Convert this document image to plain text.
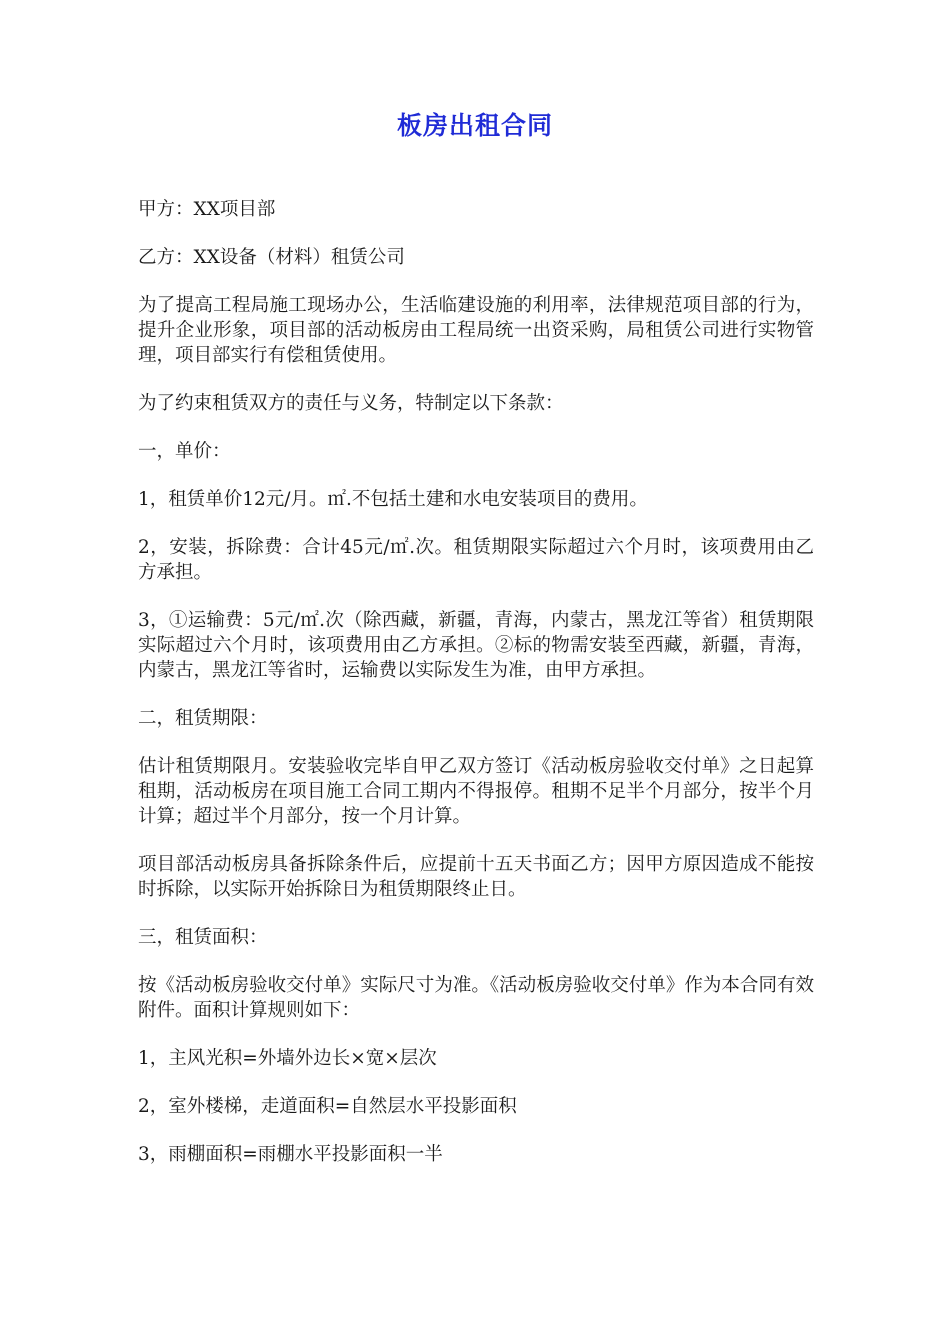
板房出租合同

甲方：XX项目部

乙方：XX设备（材料）租赁公司

为了提高工程局施工现场办公，生活临建设施的利用率，法律规范项目部的行为，提升企业形象，项目部的活动板房由工程局统一出资采购，局租赁公司进行实物管理，项目部实行有偿租赁使用。

为了约束租赁双方的责任与义务，特制定以下条款：

一，单价：

1，租赁单价12元/月。㎡.不包括土建和水电安装项目的费用。

2，安装，拆除费：合计45元/㎡.次。租赁期限实际超过六个月时，该项费用由乙方承担。

3，①运输费：5元/㎡.次（除西藏，新疆，青海，内蒙古，黑龙江等省）租赁期限实际超过六个月时，该项费用由乙方承担。②标的物需安装至西藏，新疆，青海，内蒙古，黑龙江等省时，运输费以实际发生为准，由甲方承担。

二，租赁期限：

估计租赁期限月。安装验收完毕自甲乙双方签订《活动板房验收交付单》之日起算租期，活动板房在项目施工合同工期内不得报停。租期不足半个月部分，按半个月计算；超过半个月部分，按一个月计算。

项目部活动板房具备拆除条件后，应提前十五天书面乙方；因甲方原因造成不能按时拆除，以实际开始拆除日为租赁期限终止日。

三，租赁面积：

按《活动板房验收交付单》实际尺寸为准。《活动板房验收交付单》作为本合同有效附件。面积计算规则如下：

1，主风光积=外墙外边长×宽×层次

2，室外楼梯，走道面积=自然层水平投影面积

3，雨棚面积=雨棚水平投影面积一半
